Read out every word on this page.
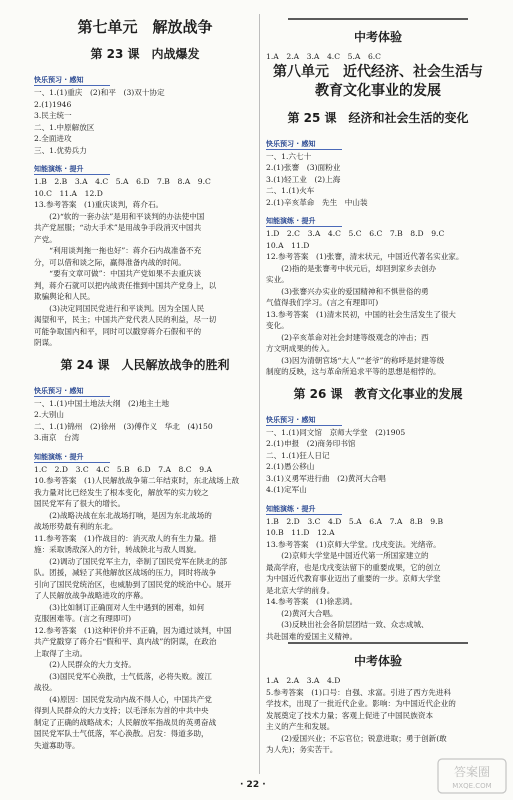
第七单元　解放战争
第 23 课　内战爆发
快乐预习 · 感知
一、1.(1)重庆　(2)和平　(3)双十协定
2.(1)1946
3.民主统一
二、1.中原解放区
2.全面进攻
三、1.优势兵力
知能演练 · 提升
1.B　2.B　3.A　4.C　5.A　6.D　7.B　8.A　9.C
10.C　11.A　12.D
13.参考答案　(1)重庆谈判，蒋介石。
　　(2)“软的一套办法”是用和平谈判的办法使中国
共产党屈服；“动大手术”是用战争手段消灭中国共
产党。
　　“利用谈判拖一拖也好”：蒋介石内战准备不充
分，可以借和谈之际，赢得准备内战的时间。
　　“要有文章可做”：中国共产党如果不去重庆谈
判，蒋介石就可以把内战责任推到中国共产党身上，以
欺骗舆论和人民。
　　(3)决定同国民党进行和平谈判。因为全国人民
渴望和平，民主；中国共产党代表人民的利益，尽一切
可能争取国内和平，同时可以戳穿蒋介石假和平的
阴谋。
第 24 课　人民解放战争的胜利
快乐预习 · 感知
一、1.(1)中国土地法大纲　(2)地主土地
2.大别山
二、1.(1)锦州　(2)徐州　(3)傅作义　华北　(4)150
3.南京　台湾
知能演练 · 提升
1.C　2.D　3.C　4.C　5.B　6.D　7.A　8.C　9.A
10.参考答案　(1)人民解放战争第二年结束时，东北战场上敌
我力量对比已经发生了根本变化，解放军的实力较之
国民党军有了很大的增长。
　　(2)战略决战在东北战场打响，是因为东北战场的
战场形势最有利的东北。
11.参考答案　(1)作战目的：消灭敌人的有生力量。措
施：采取诱敌深入的方针，转战陕北与敌人周旋。
　　(2)调动了国民党军主力，牵制了国民党军在陕北的部
队。团援，减轻了其他解放区战场的压力，同时将战争
引向了国民党统治区，也威胁到了国民党的统治中心。展开
了人民解放战争战略进攻的序幕。
　　(3)比如制订正确面对人生中遇到的困难，如何
克服困难等。(言之有理即可)
12.参考答案　(1)这种评价并不正确，因为通过谈判，中国
共产党戳穿了蒋介石“假和平、真内战”的阴谋，在政治
上取得了主动。
　　(2)人民群众的大力支持。
　　(3)国民党军心涣散，士气低落，必将失败。渡江
战役。
　　(4)原因：国民党发动内战不得人心，中国共产党
得到人民群众的大力支持；以毛泽东为首的中共中央
制定了正确的战略战术；人民解放军指战员的英勇奋战
国民党军队士气低落，军心涣散。启发：得道多助，
失道寡助等。
中考体验
1.A　2.A　3.A　4.C　5.A　6.C
第八单元　近代经济、社会生活与
教育文化事业的发展
第 25 课　经济和社会生活的变化
快乐预习 · 感知
一、1.六七十
2.(1)张謇　(3)面粉业
3.(1)轻工业　(2)上海
二、1.(1)火车
2.(1)辛亥革命　先生　中山装
知能演练 · 提升
1.D　2.C　3.A　4.C　5.C　6.C　7.B　8.D　9.C
10.A　11.D
12.参考答案　(1)张謇，清末状元，中国近代著名实业家。
　　(2)指的是张謇考中状元后，却回到家乡去创办
实业。
　　(3)张謇兴办实业的爱国精神和不惧世俗的勇
气值得我们学习。(言之有理即可)
13.参考答案　(1)清末民初，中国的社会生活发生了很大
变化。
　　(2)辛亥革命对社会封建等级观念的冲击；西
方文明成果的传入。
　　(3)因为清朝官场“大人”“老爷”的称呼是封建等级
制度的反映，这与革命所追求平等的思想是相悖的。
第 26 课　教育文化事业的发展
快乐预习 · 感知
一、1.(1)同文馆　京师大学堂　(2)1905
2.(1)申报　(2)商务印书馆
二、1.(1)狂人日记
2.(1)愚公移山
3.(1)义勇军进行曲　(2)黄河大合唱
4.(1)定军山
知能演练 · 提升
1.B　2.D　3.C　4.D　5.A　6.A　7.A　8.B　9.B
10.B　11.D　12.A
13.参考答案　(1)京师大学堂。戊戌变法。光绪帝。
　　(2)京师大学堂是中国近代第一所国家建立的
最高学府，也是戊戌变法留下的重要成果，它的创立
为中国近代教育事业迈出了重要的一步。京师大学堂
是北京大学的前身。
14.参考答案　(1)徐悲鸿。
　　(2)黄河大合唱。
　　(3)反映出社会各阶层团结一致、众志成城、
共赴国难的爱国主义精神。
中考体验
1.A　2.A　3.A　4.D
5.参考答案　(1)口号：自强、求富。引进了西方先进科
学技术，出现了一批近代企业。影响：为中国近代企业的
发展奠定了技术力量；客观上促进了中国民族资本
主义的产生和发展。
　　(2)爱国兴业；不忘官位；锐意进取；勇于创新(敢
为人先)；务实苦干。
· 22 ·
答案圈
MXQE.COM
